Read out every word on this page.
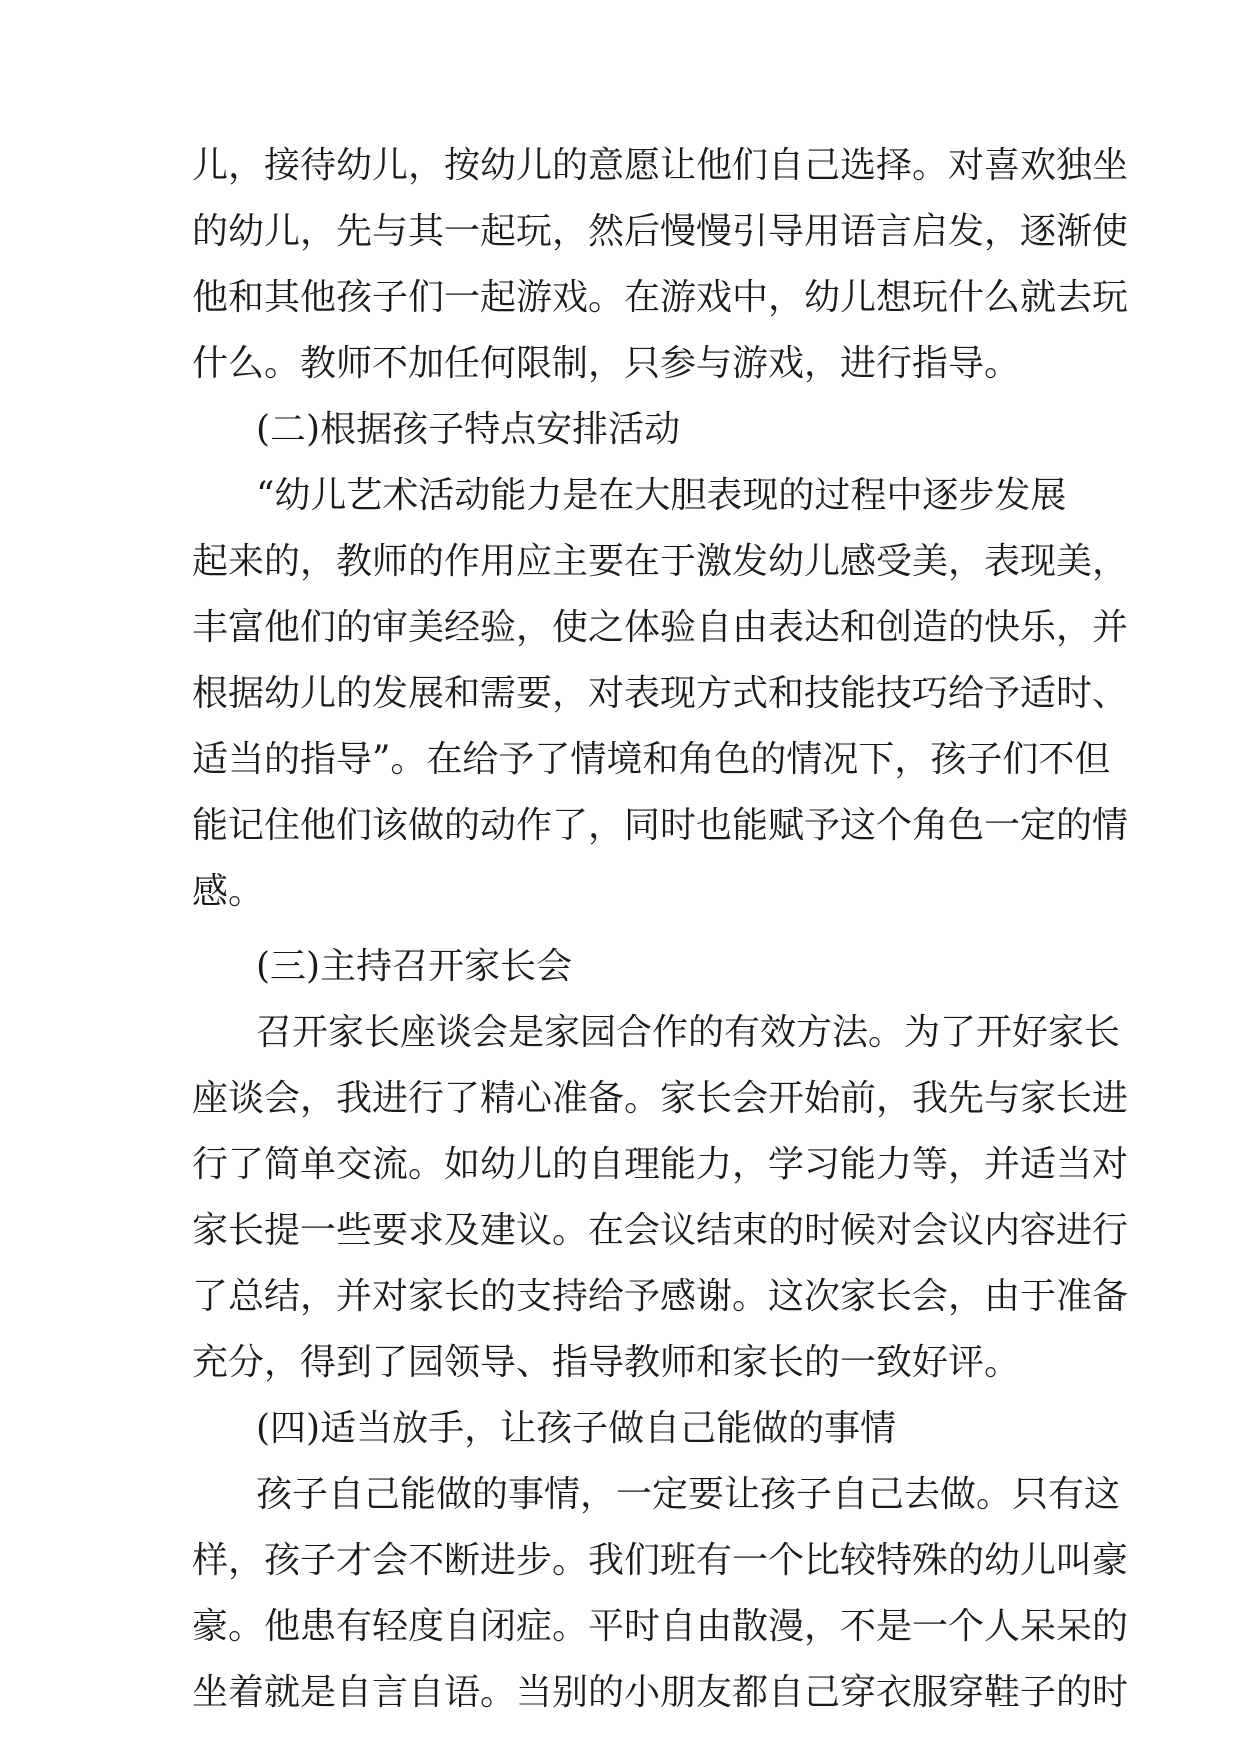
儿，接待幼儿，按幼儿的意愿让他们自己选择。对喜欢独坐
的幼儿，先与其一起玩，然后慢慢引导用语言启发，逐渐使
他和其他孩子们一起游戏。在游戏中，幼儿想玩什么就去玩
什么。教师不加任何限制，只参与游戏，进行指导。
(二)根据孩子特点安排活动
“幼儿艺术活动能力是在大胆表现的过程中逐步发展
起来的，教师的作用应主要在于激发幼儿感受美，表现美，
丰富他们的审美经验，使之体验自由表达和创造的快乐，并
根据幼儿的发展和需要，对表现方式和技能技巧给予适时、
适当的指导”。在给予了情境和角色的情况下，孩子们不但
能记住他们该做的动作了，同时也能赋予这个角色一定的情
感。
(三)主持召开家长会
召开家长座谈会是家园合作的有效方法。为了开好家长
座谈会，我进行了精心准备。家长会开始前，我先与家长进
行了简单交流。如幼儿的自理能力，学习能力等，并适当对
家长提一些要求及建议。在会议结束的时候对会议内容进行
了总结，并对家长的支持给予感谢。这次家长会，由于准备
充分，得到了园领导、指导教师和家长的一致好评。
(四)适当放手，让孩子做自己能做的事情
孩子自己能做的事情，一定要让孩子自己去做。只有这
样，孩子才会不断进步。我们班有一个比较特殊的幼儿叫豪
豪。他患有轻度自闭症。平时自由散漫，不是一个人呆呆的
坐着就是自言自语。当别的小朋友都自己穿衣服穿鞋子的时
